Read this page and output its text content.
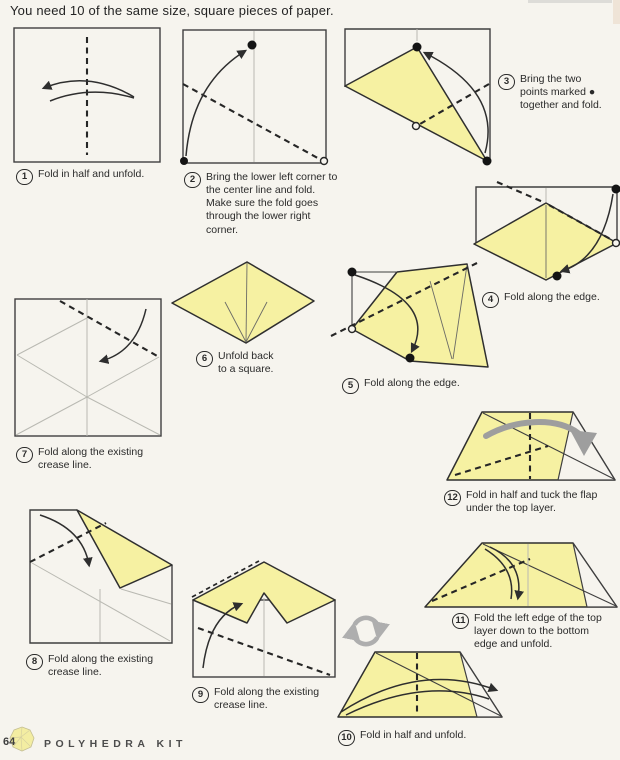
You need 10 of the same size, square pieces of paper.
1	Fold in half and unfold.	2	Bring the lower left corner to the center line and fold. Make sure the fold goes through the lower right corner.
3	Bring the two points marked ● together and fold.
4	Fold along the edge.
5	Fold along the edge.
6	Unfold back to a square.
7	Fold along the existing crease line.
8	Fold along the existing crease line.
9	Fold along the existing crease line.
10 Fold in half and unfold.
11 Fold the left edge of the top layer down to the bottom edge and unfold.
12 Fold in half and tuck the flap under the top layer.
64	POLYHEDRA KIT
